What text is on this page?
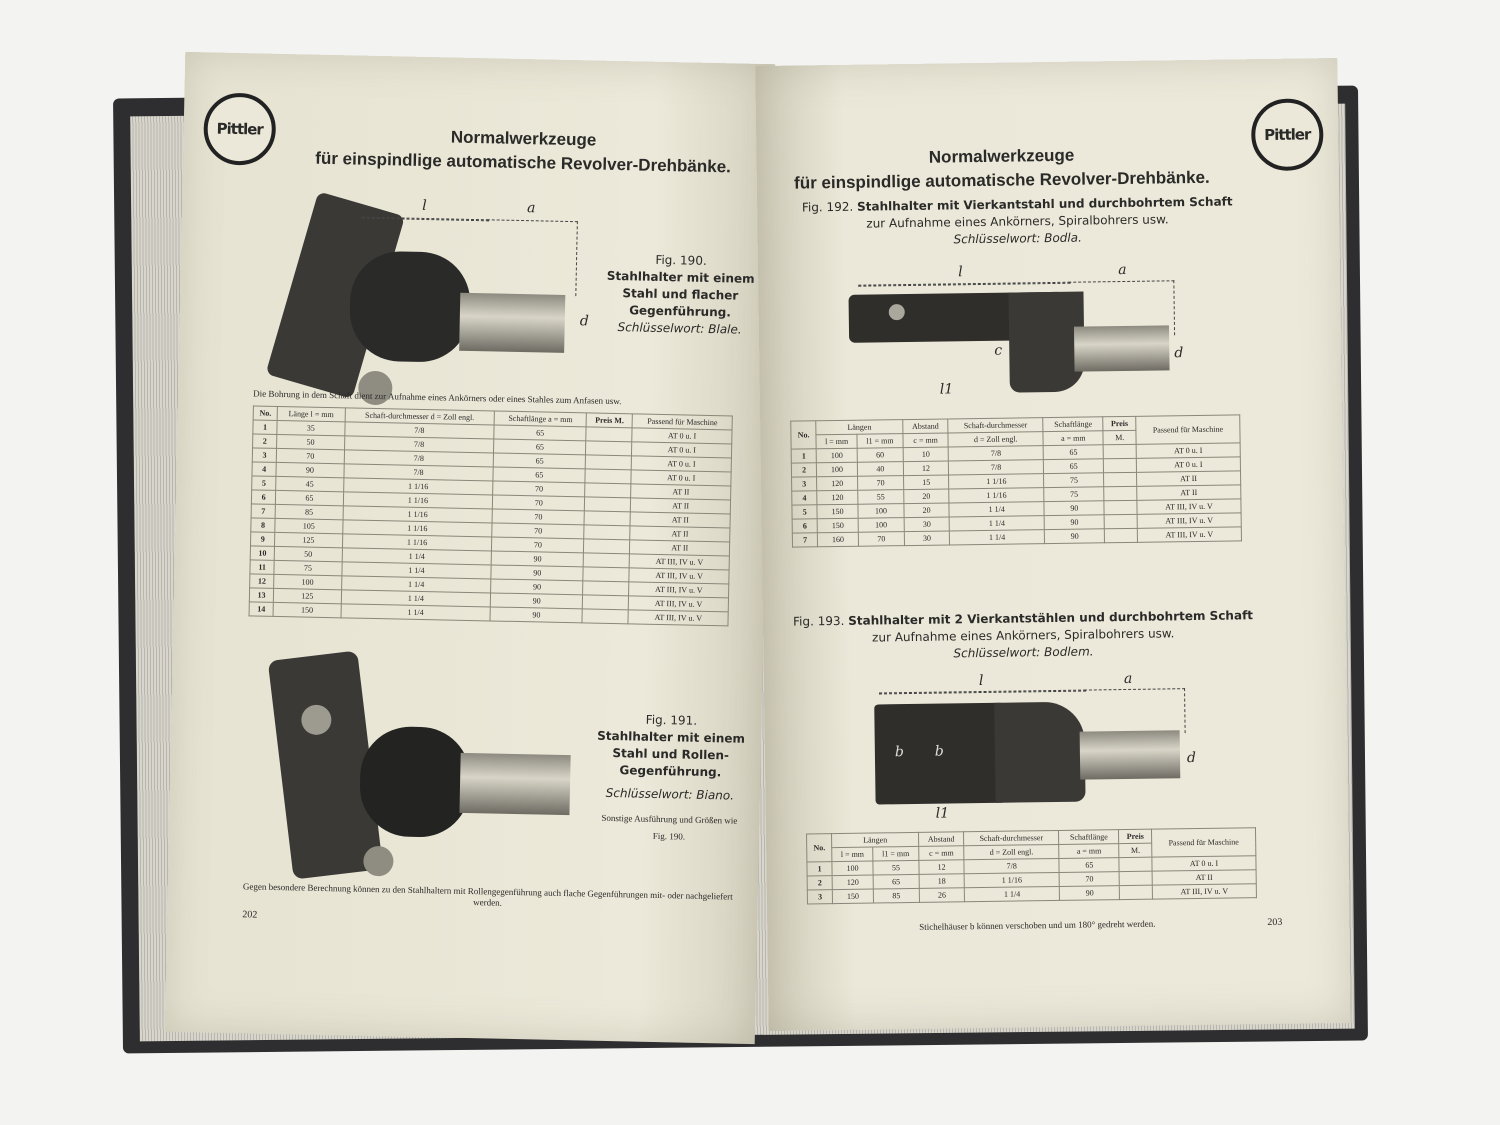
Pittler	Normalwerkzeuge
für einspindlige automatische Revolver-Drehbänke.
l	a
d
Fig. 190.
Stahlhalter mit einem Stahl und flacher Gegenführung.
Schlüsselwort: Blale.
Die Bohrung in dem Schaft dient zur Aufnahme eines Ankörners oder eines Stahles zum Anfasen usw.
No.	Länge l = mm	Schaft-durchmesser d = Zoll engl.	Schaftlänge a = mm	Preis M.	Passend für Maschine
1	35	7/8	65		AT 0 u. I
2	50	7/8	65		AT 0 u. I
3	70	7/8	65		AT 0 u. I
4	90	7/8	65		AT 0 u. I
5	45	1 1/16	70		AT II
6	65	1 1/16	70		AT II
7	85	1 1/16	70		AT II
8	105	1 1/16	70		AT II
9	125	1 1/16	70		AT II
10	50	1 1/4	90		AT III, IV u. V
11	75	1 1/4	90		AT III, IV u. V
12	100	1 1/4	90		AT III, IV u. V
13	125	1 1/4	90		AT III, IV u. V
14	150	1 1/4	90		AT III, IV u. V
Fig. 191.
Stahlhalter mit einem Stahl und Rollen-Gegenführung.
Schlüsselwort: Biano.
Sonstige Ausführung und Größen wie Fig. 190.
Gegen besondere Berechnung können zu den Stahlhaltern mit Rollengegenführung auch flache Gegenführungen mit- oder nachgeliefert werden.
202
Pittler
Normalwerkzeuge
für einspindlige automatische Revolver-Drehbänke.
Fig. 192. Stahlhalter mit Vierkantstahl und durchbohrtem Schaft
zur Aufnahme eines Ankörners, Spiralbohrers usw.
Schlüsselwort: Bodla.
l	a
c
l1
d
No.	Längen		Abstand	Schaft-durchmesser	Schaftlänge	Preis	Passend für Maschine
	l = mm	l1 = mm	c = mm	d = Zoll engl.	a = mm	M.	
1	100	60	10	7/8	65		AT 0 u. I
2	100	40	12	7/8	65		AT 0 u. I
3	120	70	15	1 1/16	75		AT II
4	120	55	20	1 1/16	75		AT II
5	150	100	20	1 1/4	90		AT III, IV u. V
6	150	100	30	1 1/4	90		AT III, IV u. V
7	160	70	30	1 1/4	90		AT III, IV u. V
Fig. 193. Stahlhalter mit 2 Vierkantstählen und durchbohrtem Schaft
zur Aufnahme eines Ankörners, Spiralbohrers usw.
Schlüsselwort: Bodlem.
l	a
b b	d
l1
No.	Längen		Abstand	Schaft-durchmesser	Schaftlänge	Preis	Passend für Maschine
	l = mm	l1 = mm	c = mm	d = Zoll engl.	a = mm	M.	
1	100	55	12	7/8	65		AT 0 u. I
2	120	65	18	1 1/16	70		AT II
3	150	85	26	1 1/4	90		AT III, IV u. V
Stichelhäuser b können verschoben und um 180° gedreht werden.	203
